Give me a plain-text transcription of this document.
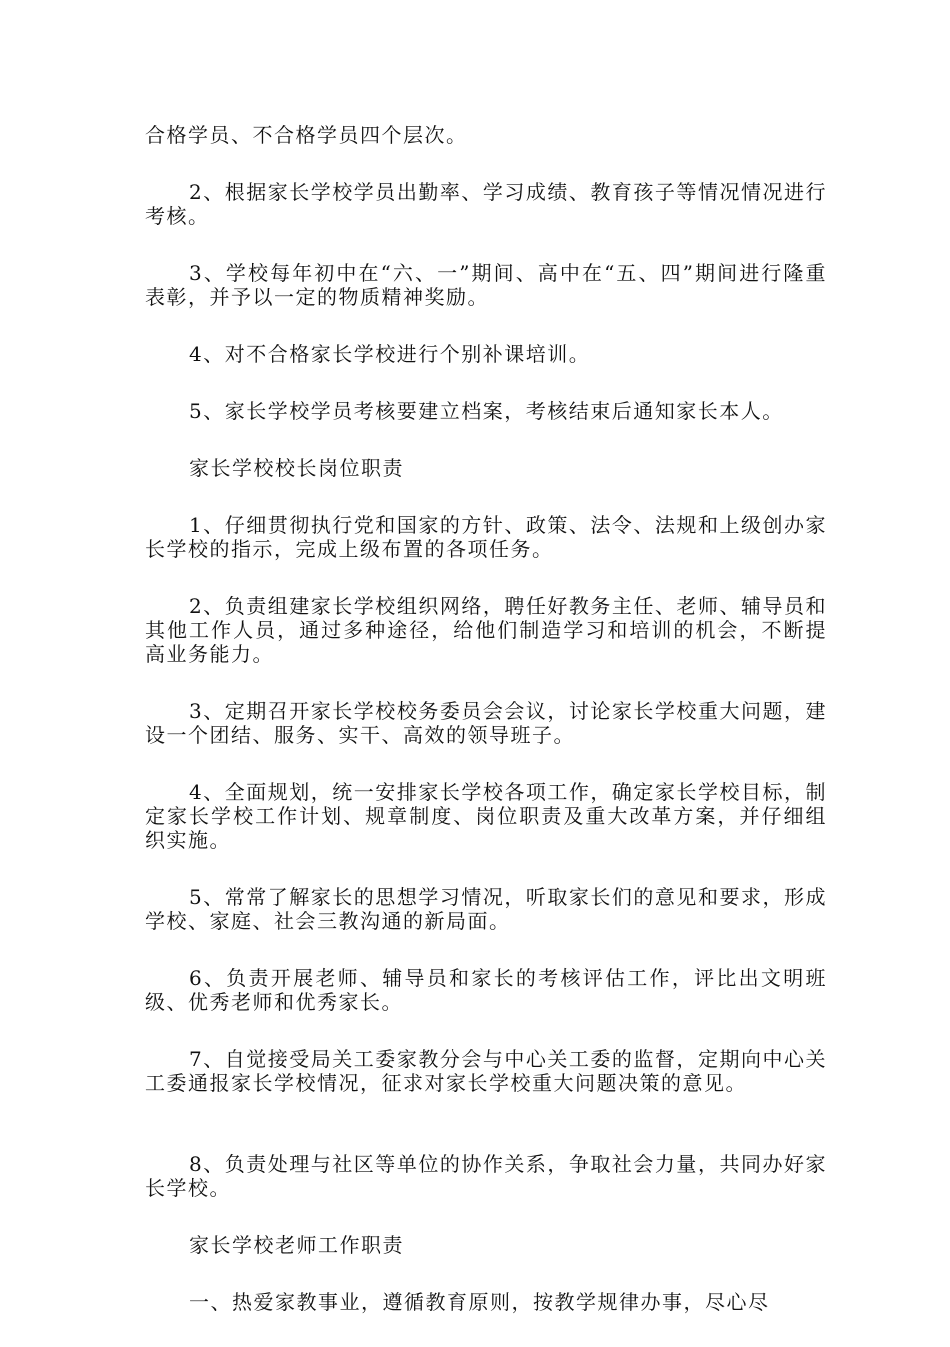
合格学员、不合格学员四个层次。

2、根据家长学校学员出勤率、学习成绩、教育孩子等情况情况进行考核。

3、学校每年初中在“六、一”期间、高中在“五、四”期间进行隆重表彰，并予以一定的物质精神奖励。

4、对不合格家长学校进行个别补课培训。

5、家长学校学员考核要建立档案，考核结束后通知家长本人。

家长学校校长岗位职责

1、仔细贯彻执行党和国家的方针、政策、法令、法规和上级创办家长学校的指示，完成上级布置的各项任务。

2、负责组建家长学校组织网络，聘任好教务主任、老师、辅导员和其他工作人员，通过多种途径，给他们制造学习和培训的机会，不断提高业务能力。

3、定期召开家长学校校务委员会会议，讨论家长学校重大问题，建设一个团结、服务、实干、高效的领导班子。

4、全面规划，统一安排家长学校各项工作，确定家长学校目标，制定家长学校工作计划、规章制度、岗位职责及重大改革方案，并仔细组织实施。

5、常常了解家长的思想学习情况，听取家长们的意见和要求，形成学校、家庭、社会三教沟通的新局面。

6、负责开展老师、辅导员和家长的考核评估工作，评比出文明班级、优秀老师和优秀家长。

7、自觉接受局关工委家教分会与中心关工委的监督，定期向中心关工委通报家长学校情况，征求对家长学校重大问题决策的意见。

8、负责处理与社区等单位的协作关系，争取社会力量，共同办好家长学校。

家长学校老师工作职责

一、热爱家教事业，遵循教育原则，按教学规律办事，尽心尽
